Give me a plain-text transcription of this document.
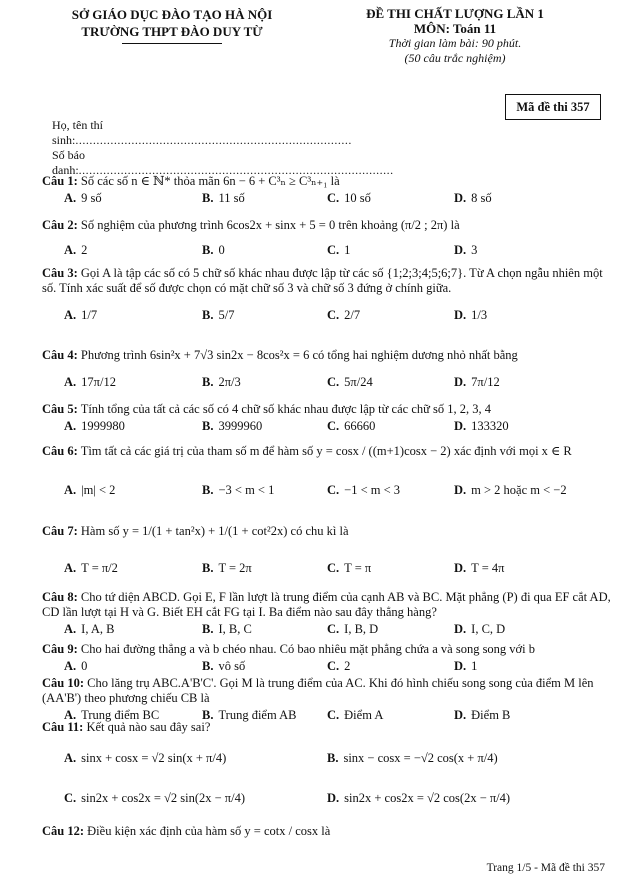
SỞ GIÁO DỤC ĐÀO TẠO HÀ NỘI
TRƯỜNG THPT ĐÀO DUY TỪ
ĐỀ THI CHẤT LƯỢNG LẦN 1
MÔN: Toán 11
Thời gian làm bài: 90 phút.
(50 câu trắc nghiệm)
Mã đề thi 357
Họ, tên thí sinh:...............................................................................
Số báo danh:..........................................................................................
Câu 1: Số các số n ∈ ℕ* thỏa mãn 6n − 6 + C³ₙ ≥ C³ₙ₊₁ là
A. 9 số	B. 11 số	C. 10 số	D. 8 số
Câu 2: Số nghiệm của phương trình 6cos2x + sinx + 5 = 0 trên khoảng (π/2 ; 2π) là
A. 2	B. 0	C. 1	D. 3
Câu 3: Gọi A là tập các số có 5 chữ số khác nhau được lập từ các số {1;2;3;4;5;6;7}. Từ A chọn ngẫu nhiên một số. Tính xác suất để số được chọn có mặt chữ số 3 và chữ số 3 đứng ở chính giữa.
A. 1/7	B. 5/7	C. 2/7	D. 1/3
Câu 4: Phương trình 6sin²x + 7√3 sin2x − 8cos²x = 6 có tổng hai nghiệm dương nhỏ nhất bằng
A. 17π/12	B. 2π/3	C. 5π/24	D. 7π/12
Câu 5: Tính tổng của tất cả các số có 4 chữ số khác nhau được lập từ các chữ số 1, 2, 3, 4
A. 1999980	B. 3999960	C. 66660	D. 133320
Câu 6: Tìm tất cả các giá trị của tham số m để hàm số y = cosx / ((m+1)cosx − 2) xác định với mọi x ∈ R
A. |m| < 2	B. −3 < m < 1	C. −1 < m < 3	D. m > 2 hoặc m < −2
Câu 7: Hàm số y = 1/(1 + tan²x) + 1/(1 + cot²2x) có chu kì là
A. T = π/2	B. T = 2π	C. T = π	D. T = 4π
Câu 8: Cho tứ diện ABCD. Gọi E, F lần lượt là trung điểm của cạnh AB và BC. Mặt phẳng (P) đi qua EF cắt AD, CD lần lượt tại H và G. Biết EH cắt FG tại I. Ba điểm nào sau đây thẳng hàng?
A. I, A, B	B. I, B, C	C. I, B, D	D. I, C, D
Câu 9: Cho hai đường thẳng a và b chéo nhau. Có bao nhiêu mặt phẳng chứa a và song song với b
A. 0	B. vô số	C. 2	D. 1
Câu 10: Cho lăng trụ ABC.A'B'C'. Gọi M là trung điểm của AC. Khi đó hình chiếu song song của điểm M lên (AA'B') theo phương chiếu CB là
A. Trung điểm BC	B. Trung điểm AB C. Điểm A	D. Điểm B
Câu 11: Kết quả nào sau đây sai?
A. sinx + cosx = √2 sin(x + π/4)	B. sinx − cosx = −√2 cos(x + π/4)
C. sin2x + cos2x = √2 sin(2x − π/4)	D. sin2x + cos2x = √2 cos(2x − π/4)
Câu 12: Điều kiện xác định của hàm số y = cotx / cosx là
Trang 1/5 - Mã đề thi 357
